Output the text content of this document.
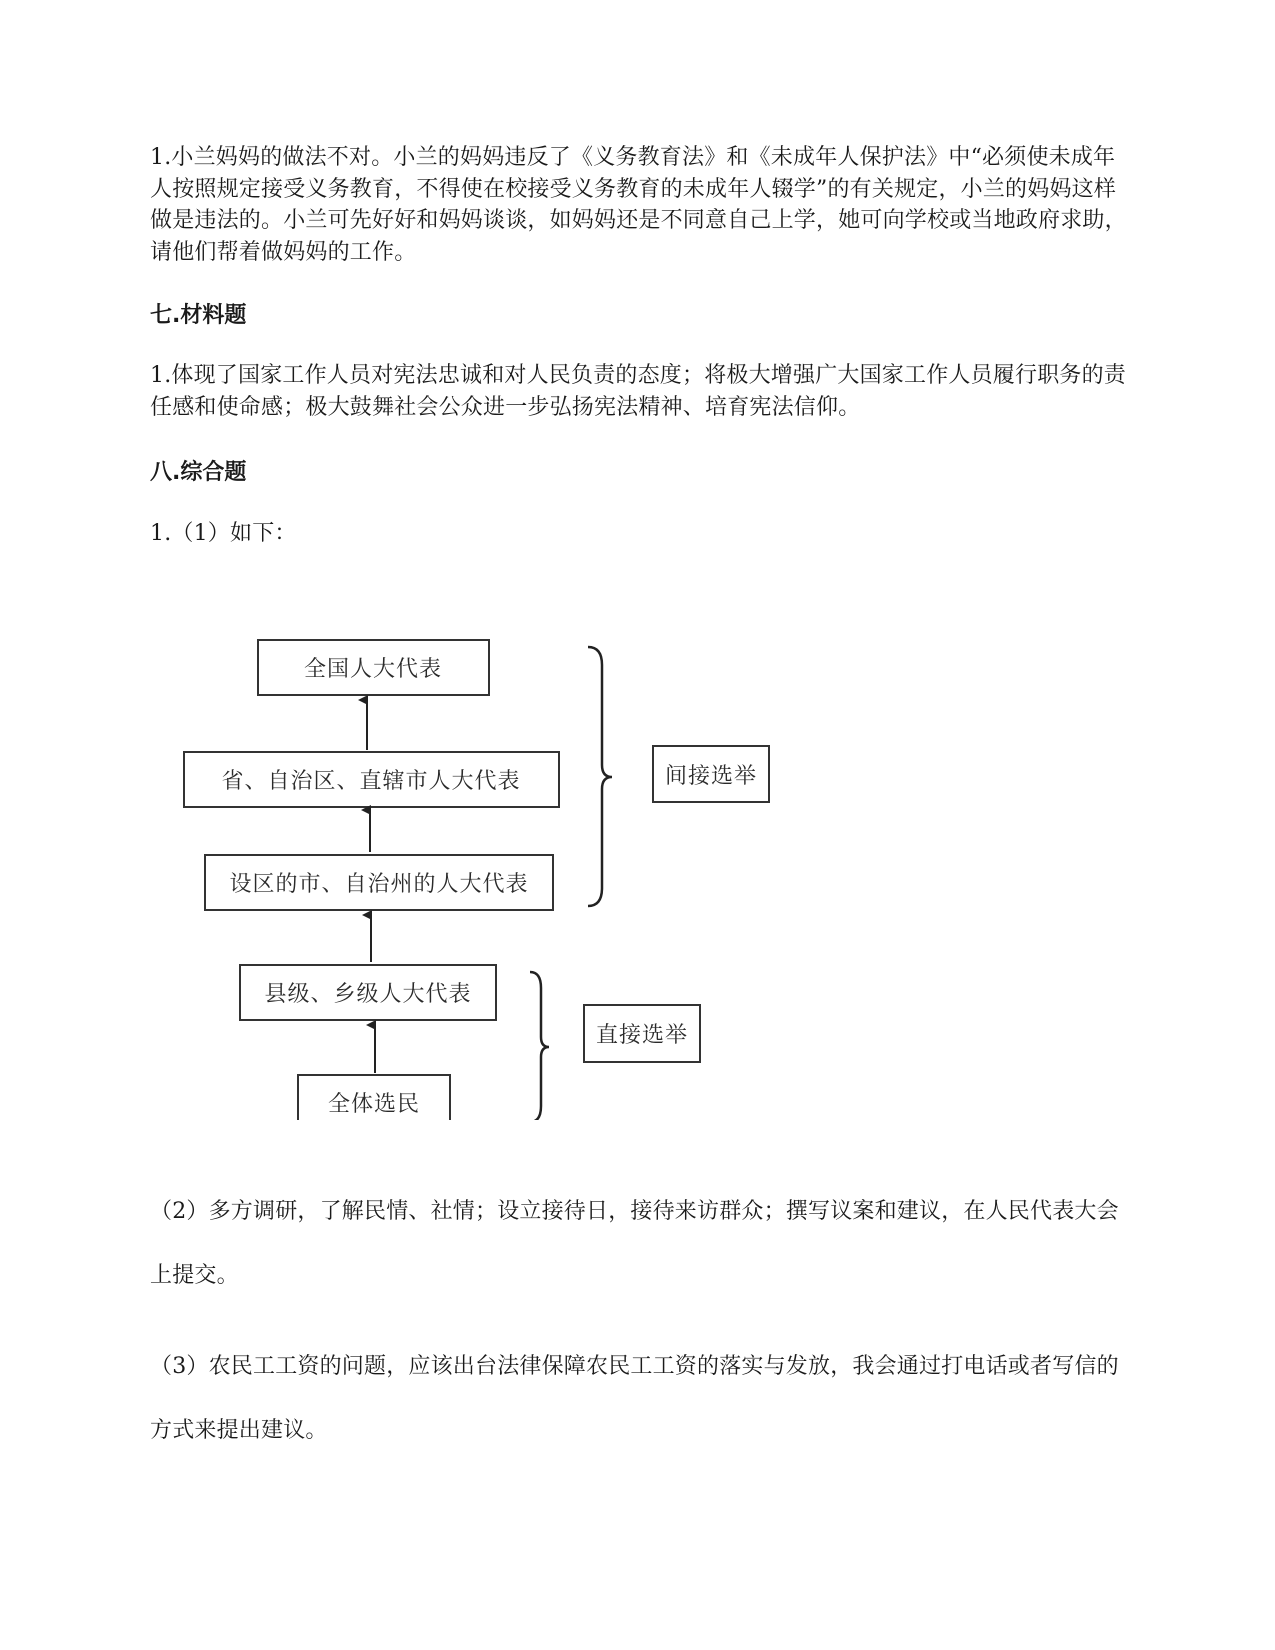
1.小兰妈妈的做法不对。小兰的妈妈违反了《义务教育法》和《未成年人保护法》中“必须使未成年人按照规定接受义务教育，不得使在校接受义务教育的未成年人辍学”的有关规定，小兰的妈妈这样做是违法的。小兰可先好好和妈妈谈谈，如妈妈还是不同意自己上学，她可向学校或当地政府求助，请他们帮着做妈妈的工作。

七.材料题

1.体现了国家工作人员对宪法忠诚和对人民负责的态度；将极大增强广大国家工作人员履行职务的责任感和使命感；极大鼓舞社会公众进一步弘扬宪法精神、培育宪法信仰。

八.综合题

1.（1）如下：

全国人大代表
省、自治区、直辖市人大代表
设区的市、自治州的人大代表
县级、乡级人大代表
全体选民
间接选举
直接选举

（2）多方调研，了解民情、社情；设立接待日，接待来访群众；撰写议案和建议，在人民代表大会上提交。

（3）农民工工资的问题，应该出台法律保障农民工工资的落实与发放，我会通过打电话或者写信的方式来提出建议。
